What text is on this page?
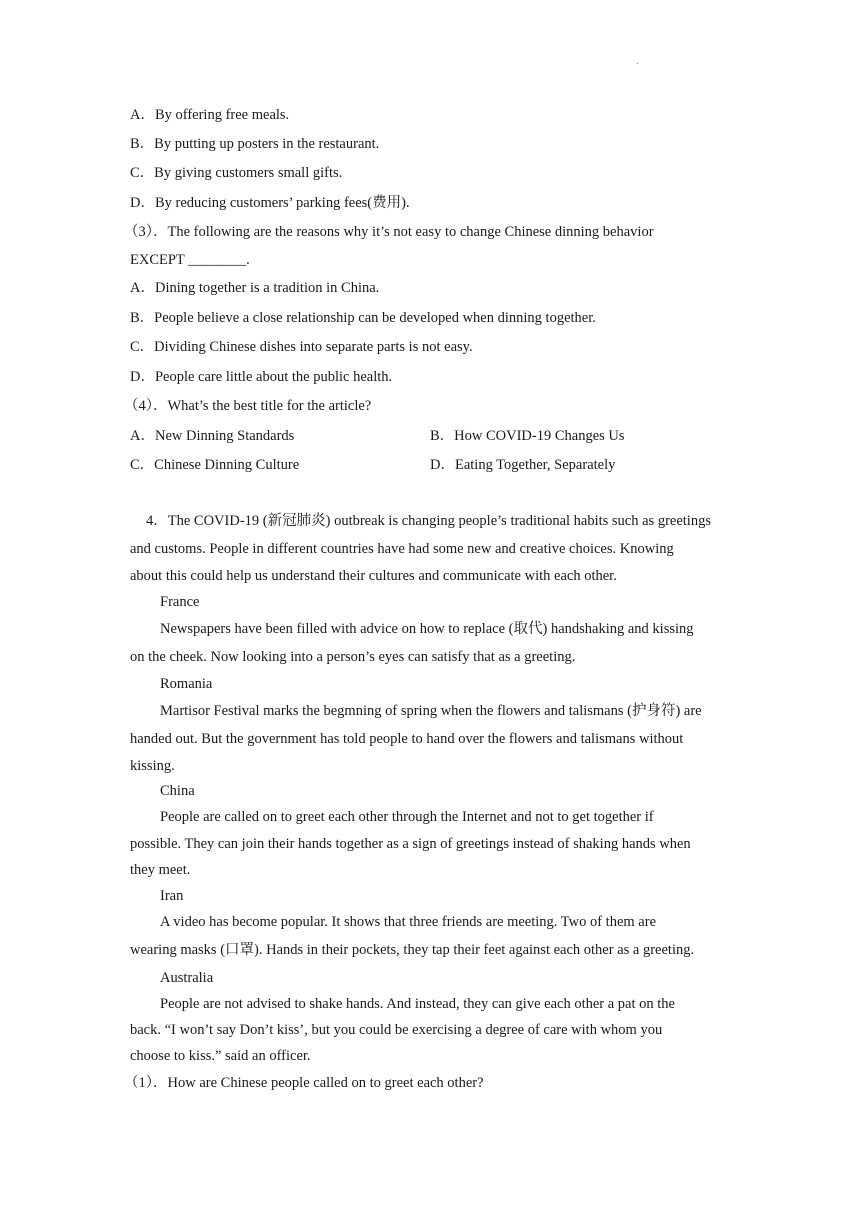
.
A．By offering free meals.
B．By putting up posters in the restaurant.
C．By giving customers small gifts.
D．By reducing customers’ parking fees(费用).
（3）．The following are the reasons why it’s not easy to change Chinese dinning behavior
EXCEPT ________.
A．Dining together is a tradition in China.
B．People believe a close relationship can be developed when dinning together.
C．Dividing Chinese dishes into separate parts is not easy.
D．People care little about the public health.
（4）．What’s the best title for the article?
A．New Dinning Standards	B．How COVID-19 Changes Us
C．Chinese Dinning Culture	D．Eating Together, Separately
4．The COVID-19 (新冠肺炎) outbreak is changing people’s traditional habits such as greetings
and customs. People in different countries have had some new and creative choices. Knowing
about this could help us understand their cultures and communicate with each other.
France
Newspapers have been filled with advice on how to replace (取代) handshaking and kissing
on the cheek. Now looking into a person’s eyes can satisfy that as a greeting.
Romania
Martisor Festival marks the begmning of spring when the flowers and talismans (护身符) are
handed out. But the government has told people to hand over the flowers and talismans without
kissing.
China
People are called on to greet each other through the Internet and not to get together if
possible. They can join their hands together as a sign of greetings instead of shaking hands when
they meet.
Iran
A video has become popular. It shows that three friends are meeting. Two of them are
wearing masks (口罩). Hands in their pockets, they tap their feet against each other as a greeting.
Australia
People are not advised to shake hands. And instead, they can give each other a pat on the
back. “I won’t say Don’t kiss’, but you could be exercising a degree of care with whom you
choose to kiss.” said an officer.
（1）．How are Chinese people called on to greet each other?
